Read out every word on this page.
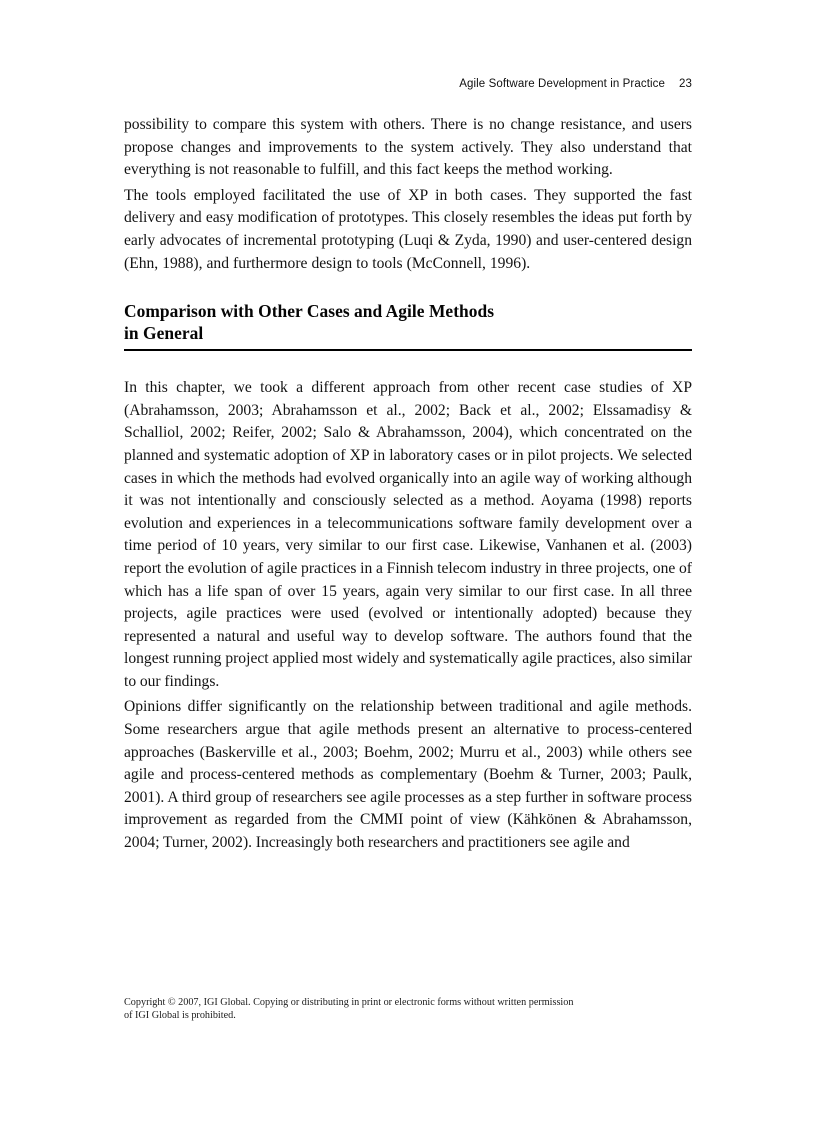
Agile Software Development in Practice 23

possibility to compare this system with others. There is no change resistance, and users propose changes and improvements to the system actively. They also understand that everything is not reasonable to fulfill, and this fact keeps the method working.

The tools employed facilitated the use of XP in both cases. They supported the fast delivery and easy modification of prototypes. This closely resembles the ideas put forth by early advocates of incremental prototyping (Luqi & Zyda, 1990) and user-centered design (Ehn, 1988), and furthermore design to tools (McConnell, 1996).

Comparison with Other Cases and Agile Methods
in General

In this chapter, we took a different approach from other recent case studies of XP (Abrahamsson, 2003; Abrahamsson et al., 2002; Back et al., 2002; Elssamadisy & Schalliol, 2002; Reifer, 2002; Salo & Abrahamsson, 2004), which concentrated on the planned and systematic adoption of XP in laboratory cases or in pilot projects. We selected cases in which the methods had evolved organically into an agile way of working although it was not intentionally and consciously selected as a method. Aoyama (1998) reports evolution and experiences in a telecommunications software family development over a time period of 10 years, very similar to our first case. Likewise, Vanhanen et al. (2003) report the evolution of agile practices in a Finnish telecom industry in three projects, one of which has a life span of over 15 years, again very similar to our first case. In all three projects, agile practices were used (evolved or intentionally adopted) because they represented a natural and useful way to develop software. The authors found that the longest running project applied most widely and systematically agile practices, also similar to our findings.

Opinions differ significantly on the relationship between traditional and agile methods. Some researchers argue that agile methods present an alternative to process-centered approaches (Baskerville et al., 2003; Boehm, 2002; Murru et al., 2003) while others see agile and process-centered methods as complementary (Boehm & Turner, 2003; Paulk, 2001). A third group of researchers see agile processes as a step further in software process improvement as regarded from the CMMI point of view (Kähkönen & Abrahamsson, 2004; Turner, 2002). Increasingly both researchers and practitioners see agile and

Copyright © 2007, IGI Global. Copying or distributing in print or electronic forms without written permission
of IGI Global is prohibited.
